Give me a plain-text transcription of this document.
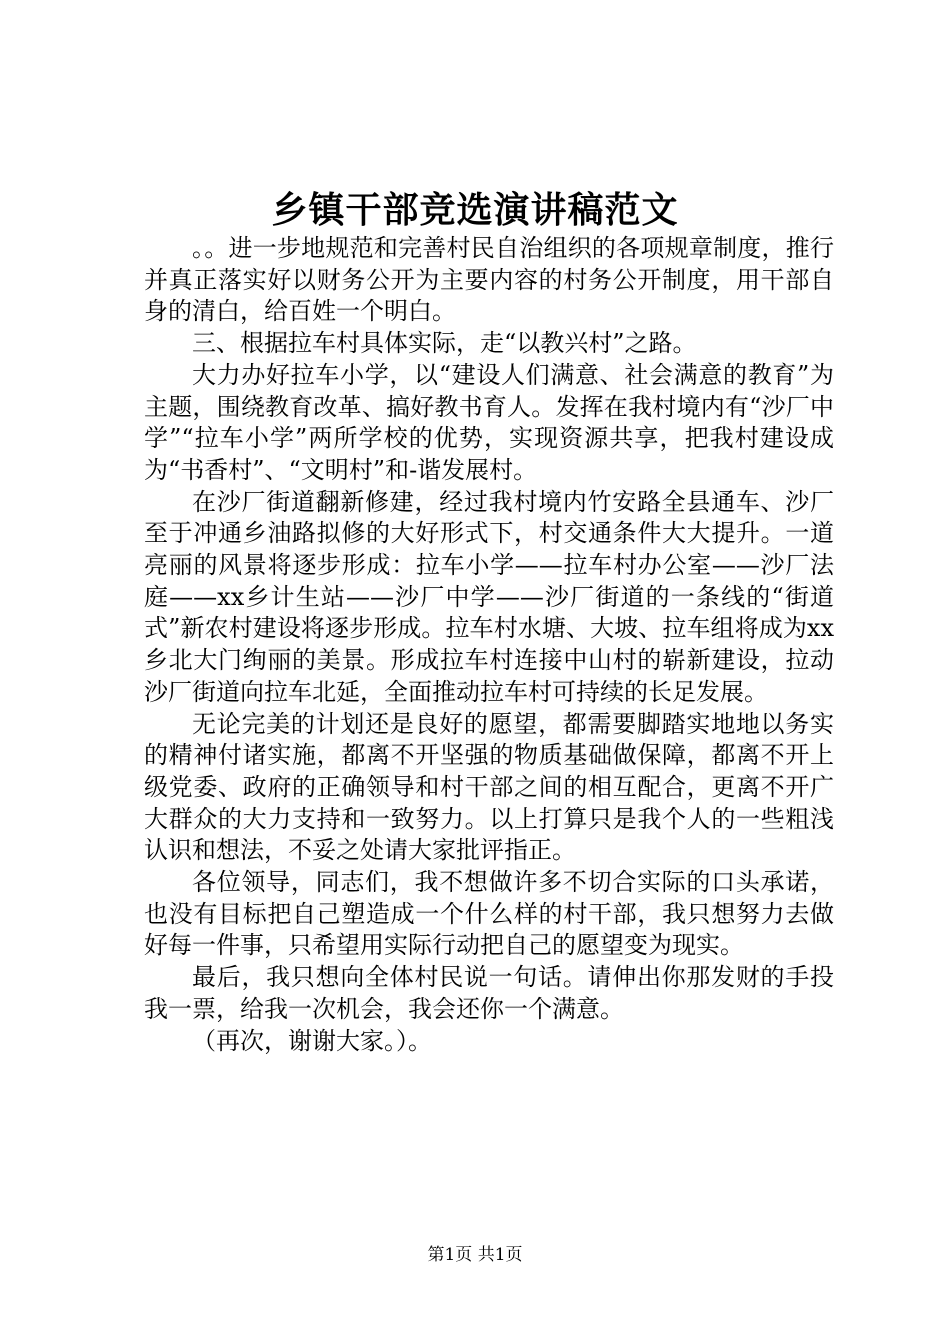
乡镇干部竞选演讲稿范文

。。进一步地规范和完善村民自治组织的各项规章制度，推行并真正落实好以财务公开为主要内容的村务公开制度，用干部自身的清白，给百姓一个明白。

三、根据拉车村具体实际，走“以教兴村”之路。

大力办好拉车小学，以“建设人们满意、社会满意的教育”为主题，围绕教育改革、搞好教书育人。发挥在我村境内有“沙厂中学”“拉车小学”两所学校的优势，实现资源共享，把我村建设成为“书香村”、“文明村”和-谐发展村。

在沙厂街道翻新修建，经过我村境内竹安路全县通车、沙厂至于冲通乡油路拟修的大好形式下，村交通条件大大提升。一道亮丽的风景将逐步形成：拉车小学——拉车村办公室——沙厂法庭——xx乡计生站——沙厂中学——沙厂街道的一条线的“街道式”新农村建设将逐步形成。拉车村水塘、大坡、拉车组将成为xx乡北大门绚丽的美景。形成拉车村连接中山村的崭新建设，拉动沙厂街道向拉车北延，全面推动拉车村可持续的长足发展。

无论完美的计划还是良好的愿望，都需要脚踏实地地以务实的精神付诸实施，都离不开坚强的物质基础做保障，都离不开上级党委、政府的正确领导和村干部之间的相互配合，更离不开广大群众的大力支持和一致努力。以上打算只是我个人的一些粗浅认识和想法，不妥之处请大家批评指正。

各位领导，同志们，我不想做许多不切合实际的口头承诺，也没有目标把自己塑造成一个什么样的村干部，我只想努力去做好每一件事，只希望用实际行动把自己的愿望变为现实。

最后，我只想向全体村民说一句话。请伸出你那发财的手投我一票，给我一次机会，我会还你一个满意。

（再次，谢谢大家。）。

第1页 共1页
